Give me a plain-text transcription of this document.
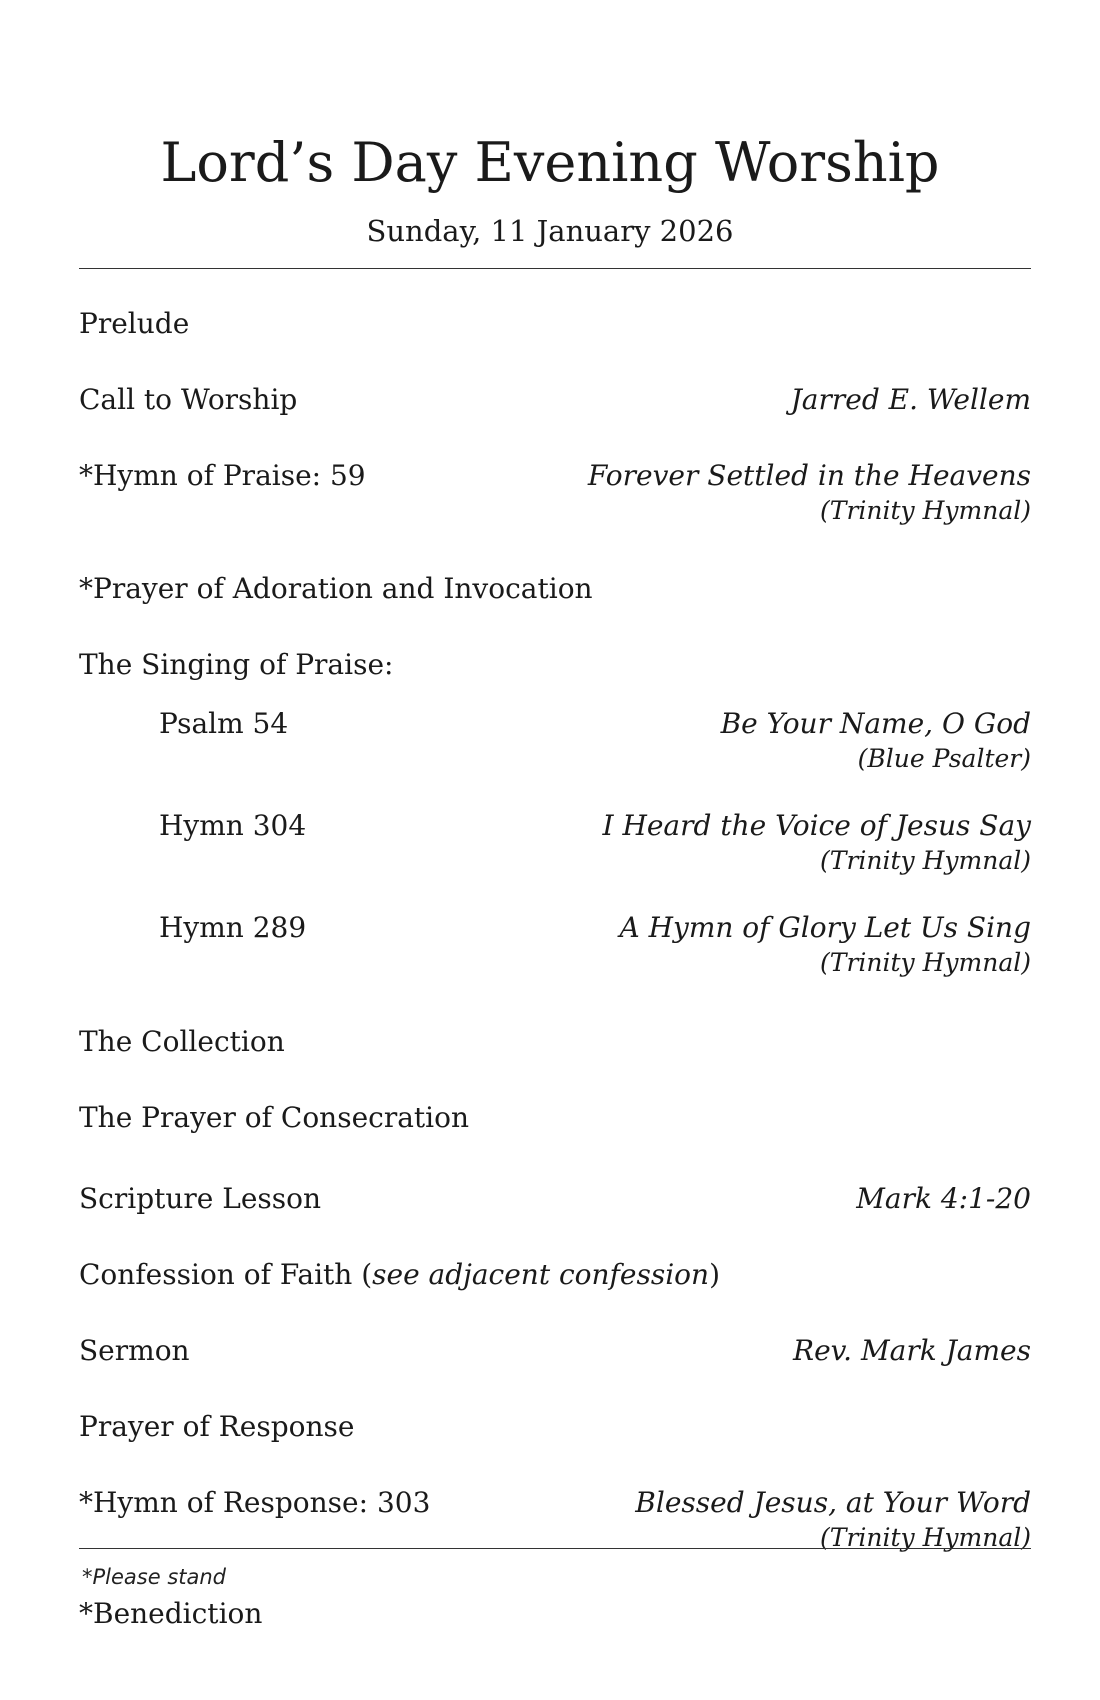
Lord’s Day Evening Worship
Sunday, 11 January 2026
Prelude
Call to Worship	Jarred E. Wellem
*Hymn of Praise: 59	Forever Settled in the Heavens
(Trinity Hymnal)
*Prayer of Adoration and Invocation
The Singing of Praise:
Psalm 54	Be Your Name, O God
(Blue Psalter)
Hymn 304	I Heard the Voice of Jesus Say
(Trinity Hymnal)
Hymn 289	A Hymn of Glory Let Us Sing
(Trinity Hymnal)
The Collection
The Prayer of Consecration
Scripture Lesson	Mark 4:1-20
Confession of Faith (see adjacent confession)
Sermon	Rev. Mark James
Prayer of Response
*Hymn of Response: 303	Blessed Jesus, at Your Word
(Trinity Hymnal)
*Please stand
*Benediction
